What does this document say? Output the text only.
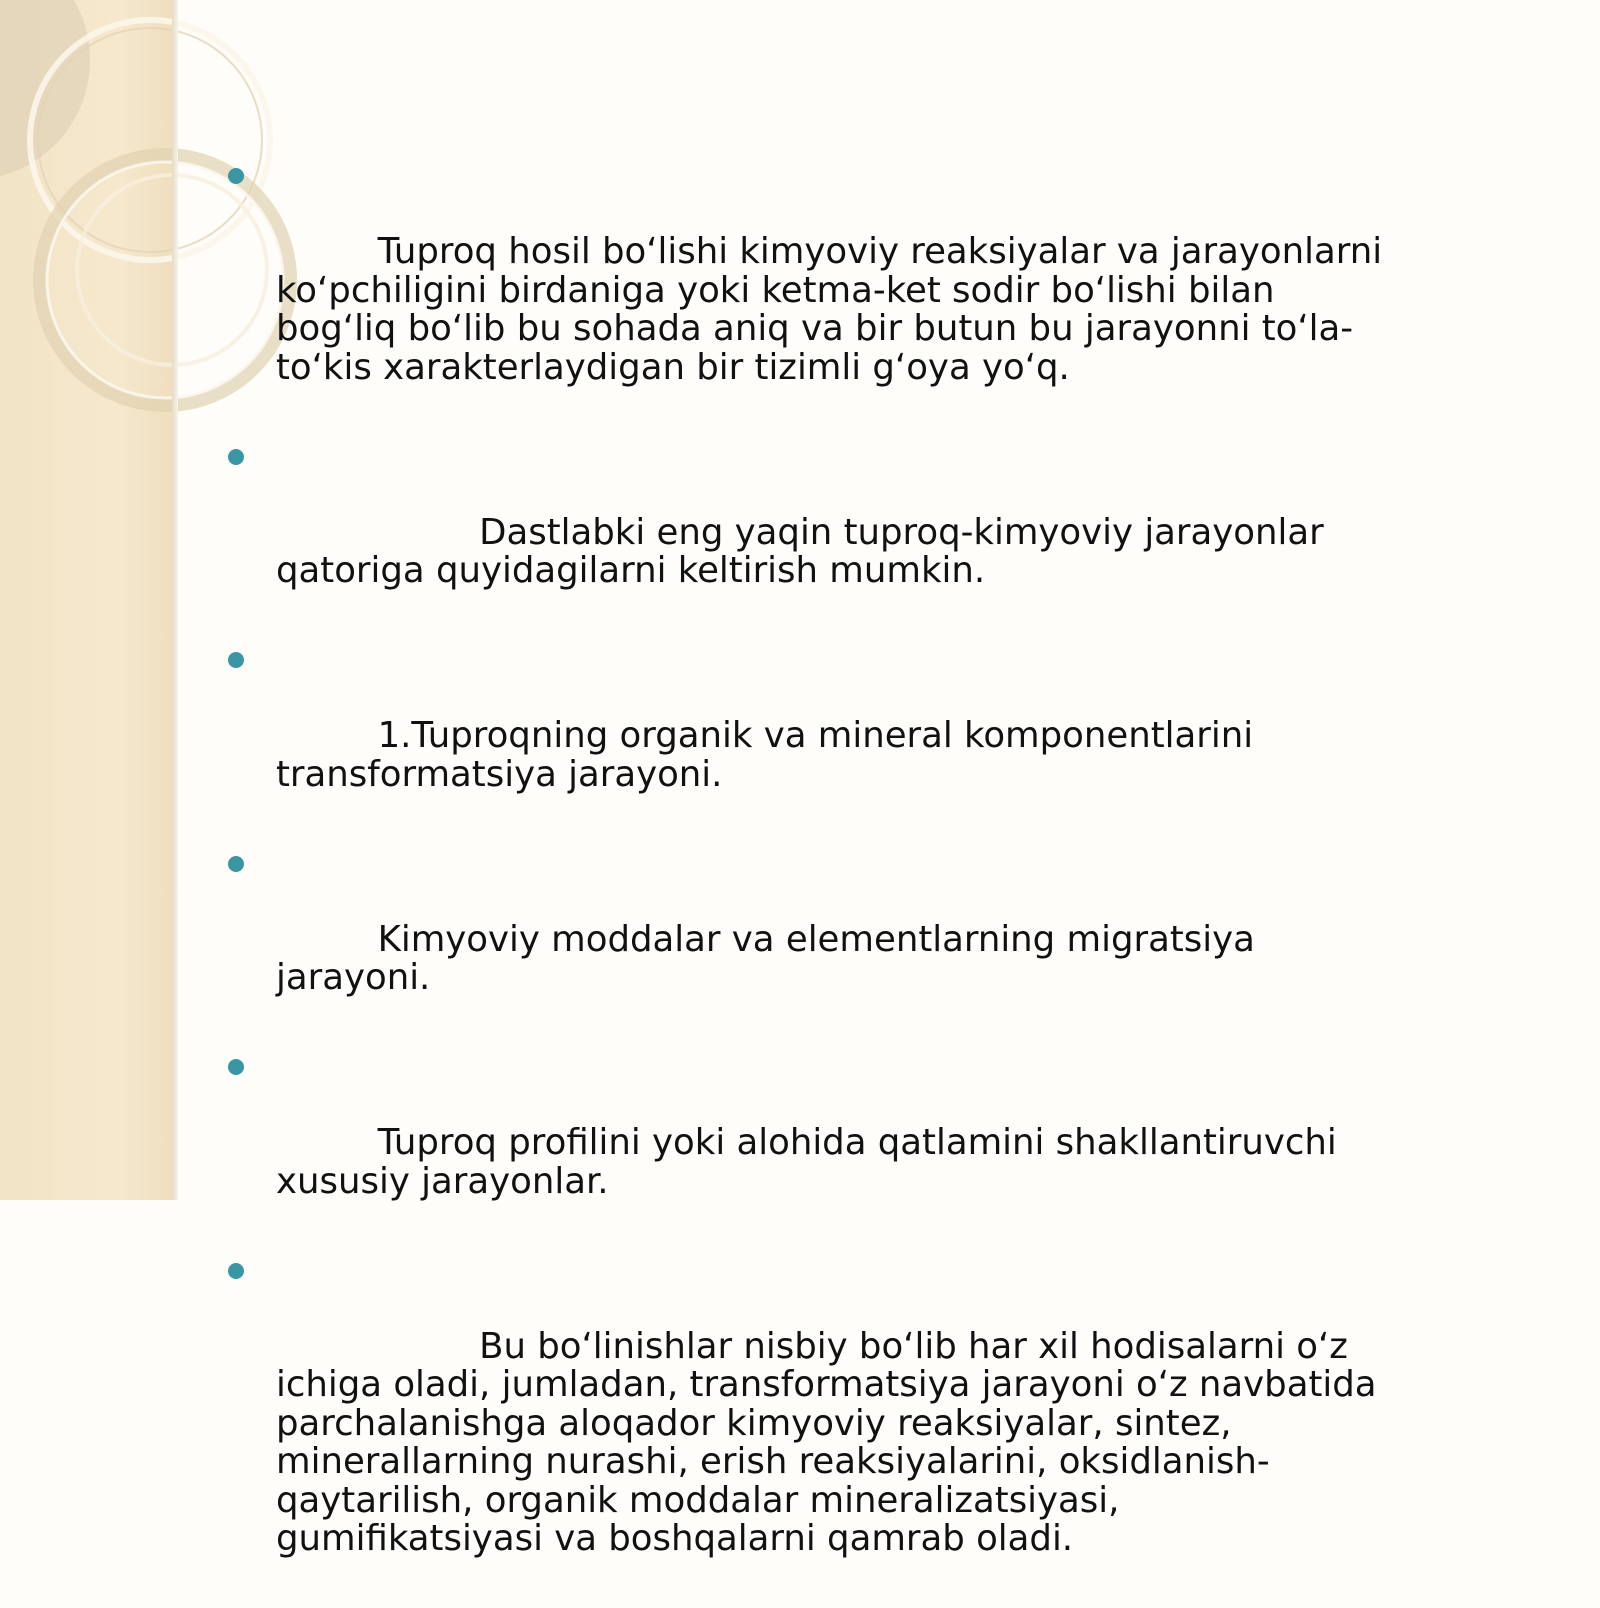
Tuproq hosil bo‘lishi kimyoviy reaksiyalar va jarayonlarni ko‘pchiligini birdaniga yoki ketma-ket sodir bo‘lishi bilan bog‘liq bo‘lib bu sohada aniq va bir butun bu jarayonni to‘la-to‘kis xarakterlaydigan bir tizimli g‘oya yo‘q.

Dastlabki eng yaqin tuproq-kimyoviy jarayonlar qatoriga quyidagilarni keltirish mumkin.

1.Tuproqning organik va mineral komponentlarini transformatsiya jarayoni.

Kimyoviy moddalar va elementlarning migratsiya jarayoni.

Tuproq profilini yoki alohida qatlamini shakllantiruvchi xususiy jarayonlar.

Bu bo‘linishlar nisbiy bo‘lib har xil hodisalarni o‘z ichiga oladi, jumladan, transformatsiya jarayoni o‘z navbatida parchalanishga aloqador kimyoviy reaksiyalar, sintez, minerallarning nurashi, erish reaksiyalarini, oksidlanish-qaytarilish, organik moddalar mineralizatsiyasi, gumifikatsiyasi va boshqalarni qamrab oladi.
